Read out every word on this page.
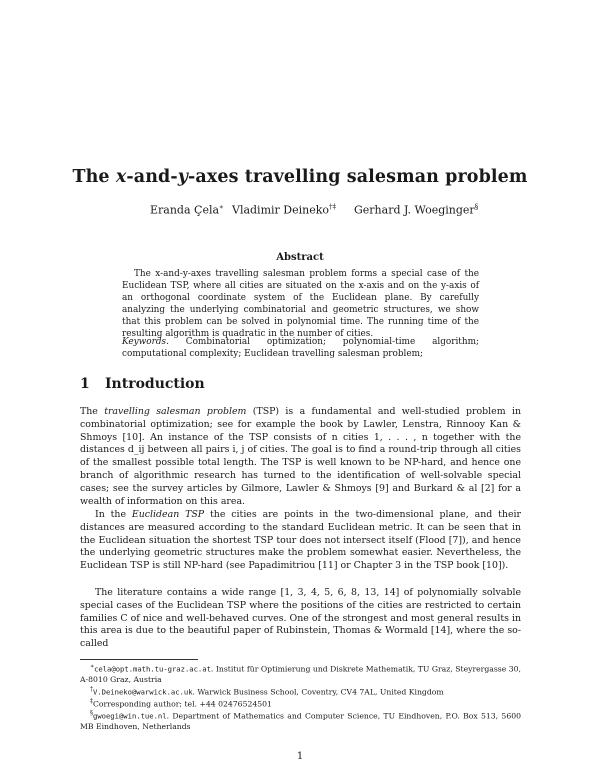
The x-and-y-axes travelling salesman problem
Eranda Çela∗ Vladimir Deineko†‡ Gerhard J. Woeginger§
Abstract
The x-and-y-axes travelling salesman problem forms a special case of the Euclidean TSP, where all cities are situated on the x-axis and on the y-axis of an orthogonal coordinate system of the Euclidean plane. By carefully analyzing the underlying combinatorial and geometric structures, we show that this problem can be solved in polynomial time. The running time of the resulting algorithm is quadratic in the number of cities.
Keywords. Combinatorial optimization; polynomial-time algorithm; computational complexity; Euclidean travelling salesman problem;
1 Introduction
The travelling salesman problem (TSP) is a fundamental and well-studied problem in combinatorial optimization; see for example the book by Lawler, Lenstra, Rinnooy Kan & Shmoys [10]. An instance of the TSP consists of n cities 1, . . . , n together with the distances d_ij between all pairs i, j of cities. The goal is to find a round-trip through all cities of the smallest possible total length. The TSP is well known to be NP-hard, and hence one branch of algorithmic research has turned to the identification of well-solvable special cases; see the survey articles by Gilmore, Lawler & Shmoys [9] and Burkard & al [2] for a wealth of information on this area.
In the Euclidean TSP the cities are points in the two-dimensional plane, and their distances are measured according to the standard Euclidean metric. It can be seen that in the Euclidean situation the shortest TSP tour does not intersect itself (Flood [7]), and hence the underlying geometric structures make the problem somewhat easier. Nevertheless, the Euclidean TSP is still NP-hard (see Papadimitriou [11] or Chapter 3 in the TSP book [10]).
The literature contains a wide range [1, 3, 4, 5, 6, 8, 13, 14] of polynomially solvable special cases of the Euclidean TSP where the positions of the cities are restricted to certain families C of nice and well-behaved curves. One of the strongest and most general results in this area is due to the beautiful paper of Rubinstein, Thomas & Wormald [14], where the so-called
∗cela@opt.math.tu-graz.ac.at. Institut für Optimierung und Diskrete Mathematik, TU Graz, Steyrergasse 30, A-8010 Graz, Austria
†V.Deineko@warwick.ac.uk. Warwick Business School, Coventry, CV4 7AL, United Kingdom
‡Corresponding author; tel. +44 02476524501
§gwoegi@win.tue.nl. Department of Mathematics and Computer Science, TU Eindhoven, P.O. Box 513, 5600 MB Eindhoven, Netherlands
1
